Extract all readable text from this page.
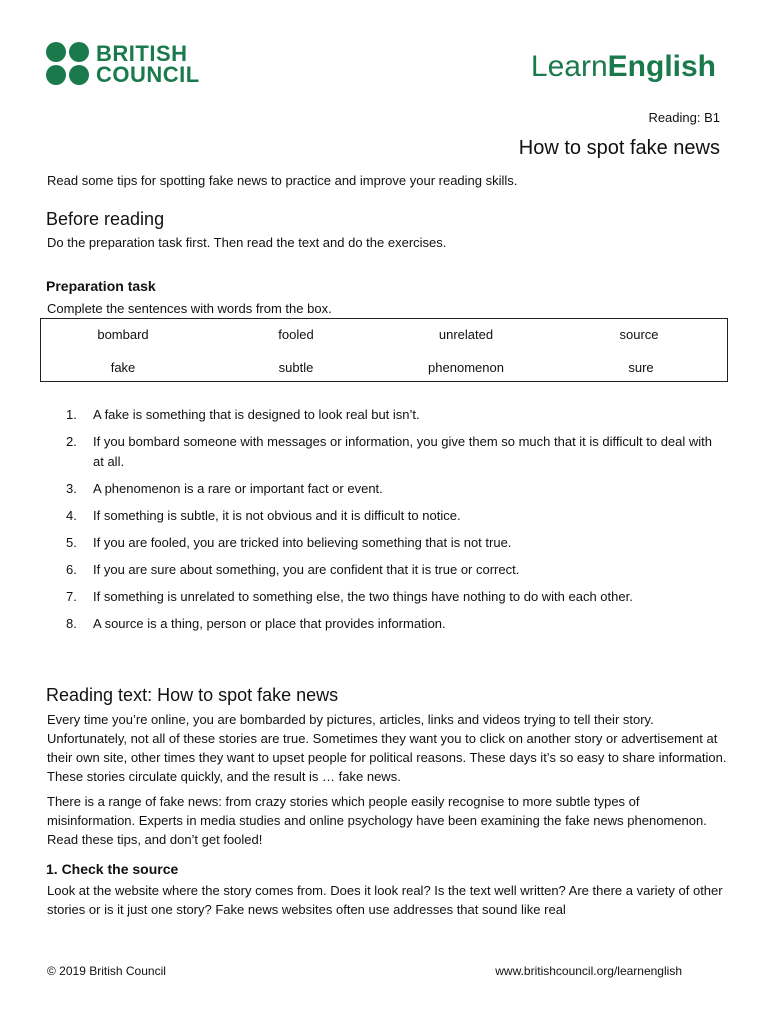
BRITISH
COUNCIL	LearnEnglish
Reading: B1
How to spot fake news
Read some tips for spotting fake news to practice and improve your reading skills.
Before reading
Do the preparation task first. Then read the text and do the exercises.
Preparation task
Complete the sentences with words from the box.
bombard	fooled	unrelated	source
fake	subtle	phenomenon	sure
1. A fake is something that is designed to look real but isn’t.
2. If you bombard someone with messages or information, you give them so much that it is difficult to deal with at all.
3. A phenomenon is a rare or important fact or event.
4. If something is subtle, it is not obvious and it is difficult to notice.
5. If you are fooled, you are tricked into believing something that is not true.
6. If you are sure about something, you are confident that it is true or correct.
7. If something is unrelated to something else, the two things have nothing to do with each other.
8. A source is a thing, person or place that provides information.
Reading text: How to spot fake news

Every time you’re online, you are bombarded by pictures, articles, links and videos trying to tell their story. Unfortunately, not all of these stories are true. Sometimes they want you to click on another story or advertisement at their own site, other times they want to upset people for political reasons. These days it’s so easy to share information. These stories circulate quickly, and the result is … fake news.

There is a range of fake news: from crazy stories which people easily recognise to more subtle types of misinformation. Experts in media studies and online psychology have been examining the fake news phenomenon. Read these tips, and don’t get fooled!

1. Check the source

Look at the website where the story comes from. Does it look real? Is the text well written? Are there a variety of other stories or is it just one story? Fake news websites often use addresses that sound like real

© 2019 British Council	www.britishcouncil.org/learnenglish
